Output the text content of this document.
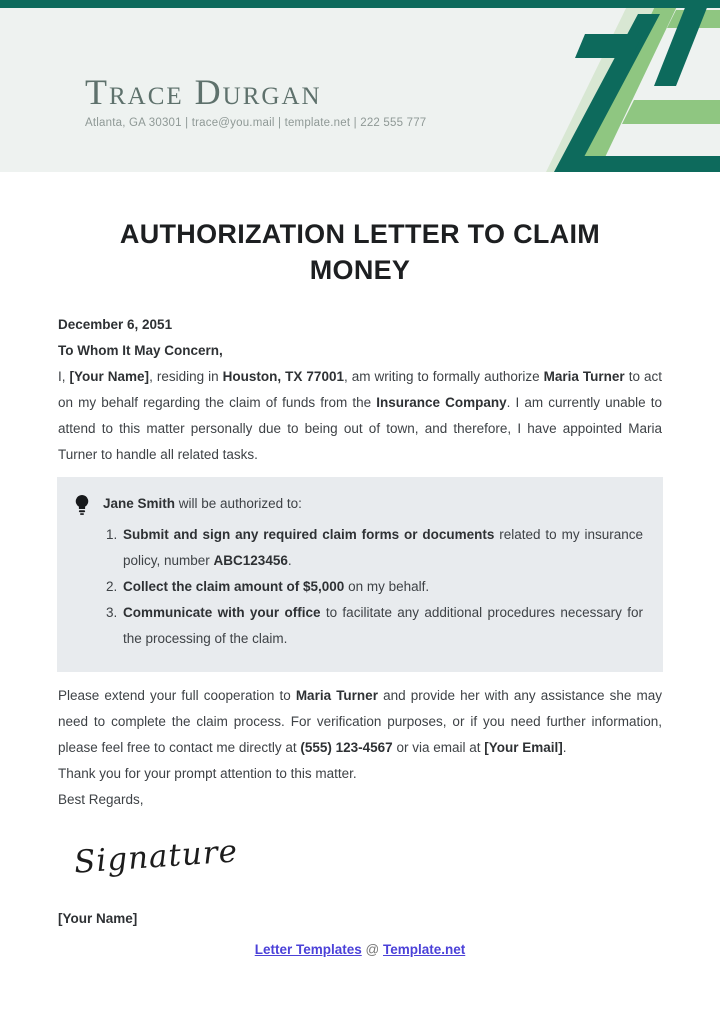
Trace Durgan
Atlanta, GA 30301 | trace@you.mail | template.net | 222 555 777
AUTHORIZATION LETTER TO CLAIM MONEY

December 6, 2051

To Whom It May Concern,

I, [Your Name], residing in Houston, TX 77001, am writing to formally authorize Maria Turner to act on my behalf regarding the claim of funds from the Insurance Company. I am currently unable to attend to this matter personally due to being out of town, and therefore, I have appointed Maria Turner to handle all related tasks.

Jane Smith will be authorized to:
1. Submit and sign any required claim forms or documents related to my insurance policy, number ABC123456.
2. Collect the claim amount of $5,000 on my behalf.
3. Communicate with your office to facilitate any additional procedures necessary for the processing of the claim.

Please extend your full cooperation to Maria Turner and provide her with any assistance she may need to complete the claim process. For verification purposes, or if you need further information, please feel free to contact me directly at (555) 123-4567 or via email at [Your Email].

Thank you for your prompt attention to this matter.

Best Regards,

Signature

[Your Name]

Letter Templates @ Template.net
